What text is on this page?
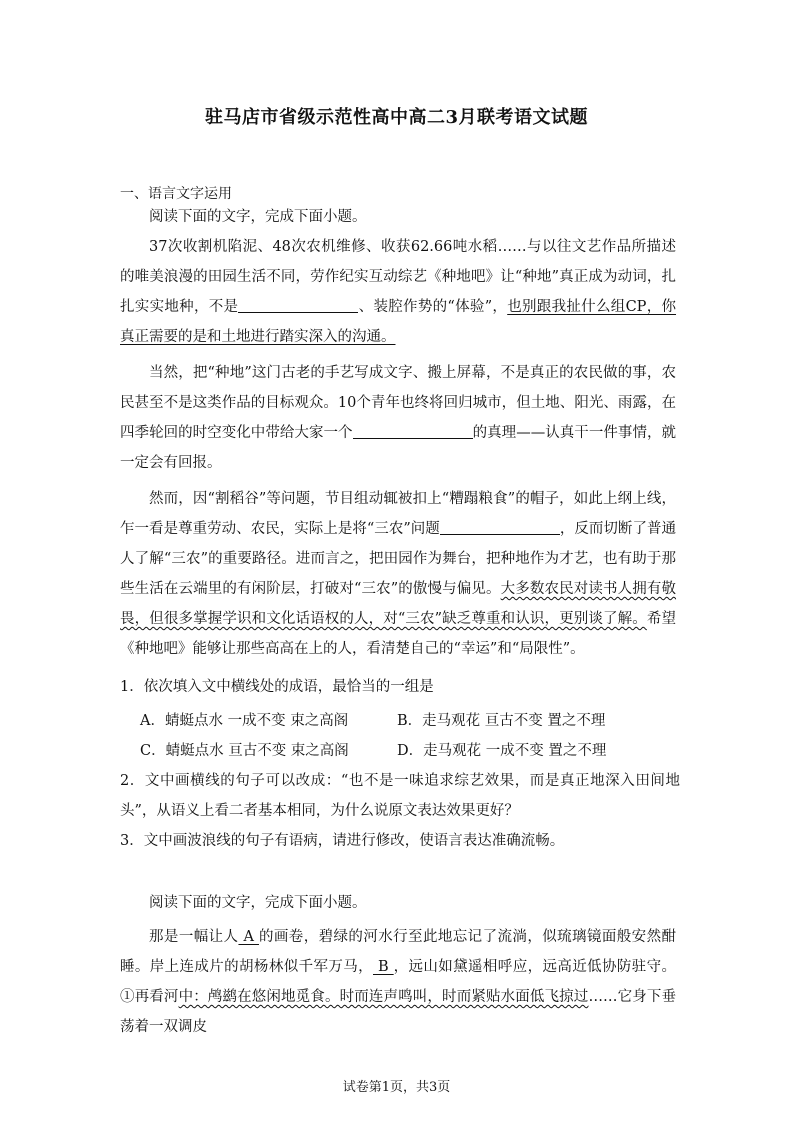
驻马店市省级示范性高中高二3月联考语文试题
一、语言文字运用

阅读下面的文字，完成下面小题。

37次收割机陷泥、48次农机维修、收获62.66吨水稻……与以往文艺作品所描述的唯美浪漫的田园生活不同，劳作纪实互动综艺《种地吧》让“种地”真正成为动词，扎扎实实地种，不是	、装腔作势的“体验”，也别跟我扯什么组CP，你真正需要的是和土地进行踏实深入的沟通。

当然，把“种地”这门古老的手艺写成文字、搬上屏幕，不是真正的农民做的事，农民甚至不是这类作品的目标观众。10个青年也终将回归城市，但土地、阳光、雨露，在四季轮回的时空变化中带给大家一个	的真理——认真干一件事情，就一定会有回报。

然而，因“割稻谷”等问题，节目组动辄被扣上“糟蹋粮食”的帽子，如此上纲上线，乍一看是尊重劳动、农民，实际上是将“三农”问题	，反而切断了普通人了解“三农”的重要路径。进而言之，把田园作为舞台，把种地作为才艺，也有助于那些生活在云端里的有闲阶层，打破对“三农”的傲慢与偏见。大多数农民对读书人拥有敬畏，但很多掌握学识和文化话语权的人，对“三农”缺乏尊重和认识，更别谈了解。希望《种地吧》能够让那些高高在上的人，看清楚自己的“幸运”和“局限性”。

1．依次填入文中横线处的成语，最恰当的一组是

A．蜻蜓点水 一成不变 束之高阁	B．走马观花 亘古不变 置之不理
C．蜻蜓点水 亘古不变 束之高阁	D．走马观花 一成不变 置之不理

2．文中画横线的句子可以改成：“也不是一味追求综艺效果，而是真正地深入田间地头”，从语义上看二者基本相同，为什么说原文表达效果更好？

3．文中画波浪线的句子有语病，请进行修改，使语言表达准确流畅。

阅读下面的文字，完成下面小题。

那是一幅让人 A 的画卷，碧绿的河水行至此地忘记了流淌，似琉璃镜面般安然酣睡。岸上连成片的胡杨林似千军万马， B ，远山如黛遥相呼应，远高近低协防驻守。①再看河中：鸬鹚在悠闲地觅食。时而连声鸣叫，时而紧贴水面低飞掠过……它身下垂荡着一双调皮

试卷第1页，共3页
